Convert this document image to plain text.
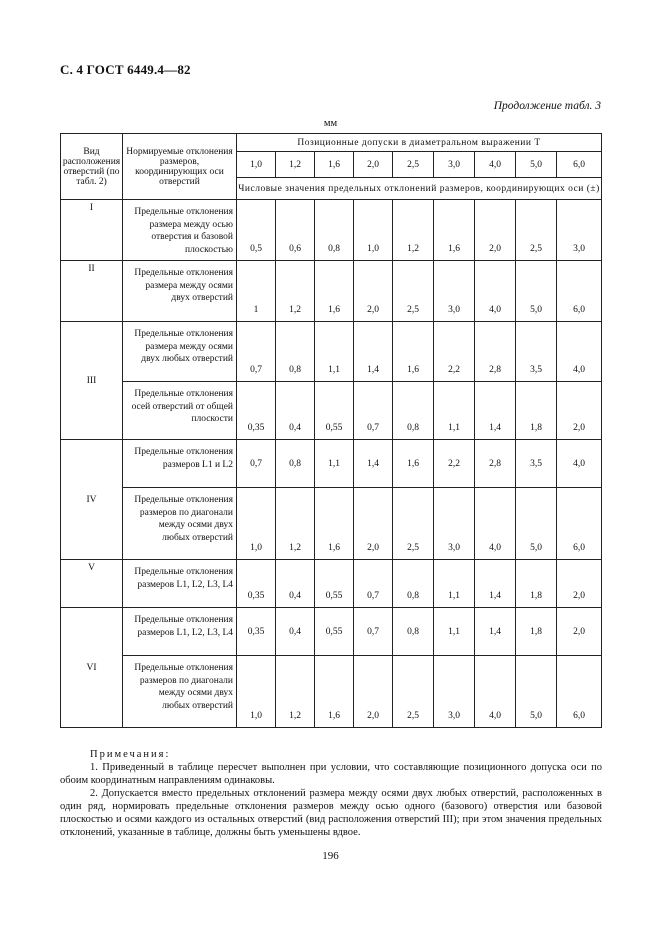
С. 4 ГОСТ 6449.4—82
Продолжение табл. 3
мм
Вид расположения отверстий (по табл. 2)	Нормируемые отклонения размеров, координирующих оси отверстий	Позиционные допуски в диаметральном выражении T								
		1,0	1,2	1,6	2,0	2,5	3,0	4,0	5,0	6,0
		Числовые значения предельных отклонений размеров, координирующих оси (±)								
I	Предельные отклонения размера между осью отверстия и базовой плоскостью	0,5	0,6	0,8	1,0	1,2	1,6	2,0	2,5	3,0
II	Предельные отклонения размера между осями двух отверстий	1	1,2	1,6	2,0	2,5	3,0	4,0	5,0	6,0
III	Предельные отклонения размера между осями двух любых отверстий	0,7	0,8	1,1	1,4	1,6	2,2	2,8	3,5	4,0
	Предельные отклонения осей отверстий от общей плоскости	0,35	0,4	0,55	0,7	0,8	1,1	1,4	1,8	2,0
IV	Предельные отклонения размеров L1 и L2	0,7	0,8	1,1	1,4	1,6	2,2	2,8	3,5	4,0
	Предельные отклонения размеров по диагонали между осями двух любых отверстий	1,0	1,2	1,6	2,0	2,5	3,0	4,0	5,0	6,0
V	Предельные отклонения размеров L1, L2, L3, L4	0,35	0,4	0,55	0,7	0,8	1,1	1,4	1,8	2,0
VI	Предельные отклонения размеров L1, L2, L3, L4	0,35	0,4	0,55	0,7	0,8	1,1	1,4	1,8	2,0
	Предельные отклонения размеров по диагонали между осями двух любых отверстий	1,0	1,2	1,6	2,0	2,5	3,0	4,0	5,0	6,0

Примечания:

1. Приведенный в таблице пересчет выполнен при условии, что составляющие позиционного допуска оси по обоим координатным направлениям одинаковы.

2. Допускается вместо предельных отклонений размера между осями двух любых отверстий, расположенных в один ряд, нормировать предельные отклонения размеров между осью одного (базового) отверстия или базовой плоскостью и осями каждого из остальных отверстий (вид расположения отверстий III); при этом значения предельных отклонений, указанные в таблице, должны быть уменьшены вдвое.

196
